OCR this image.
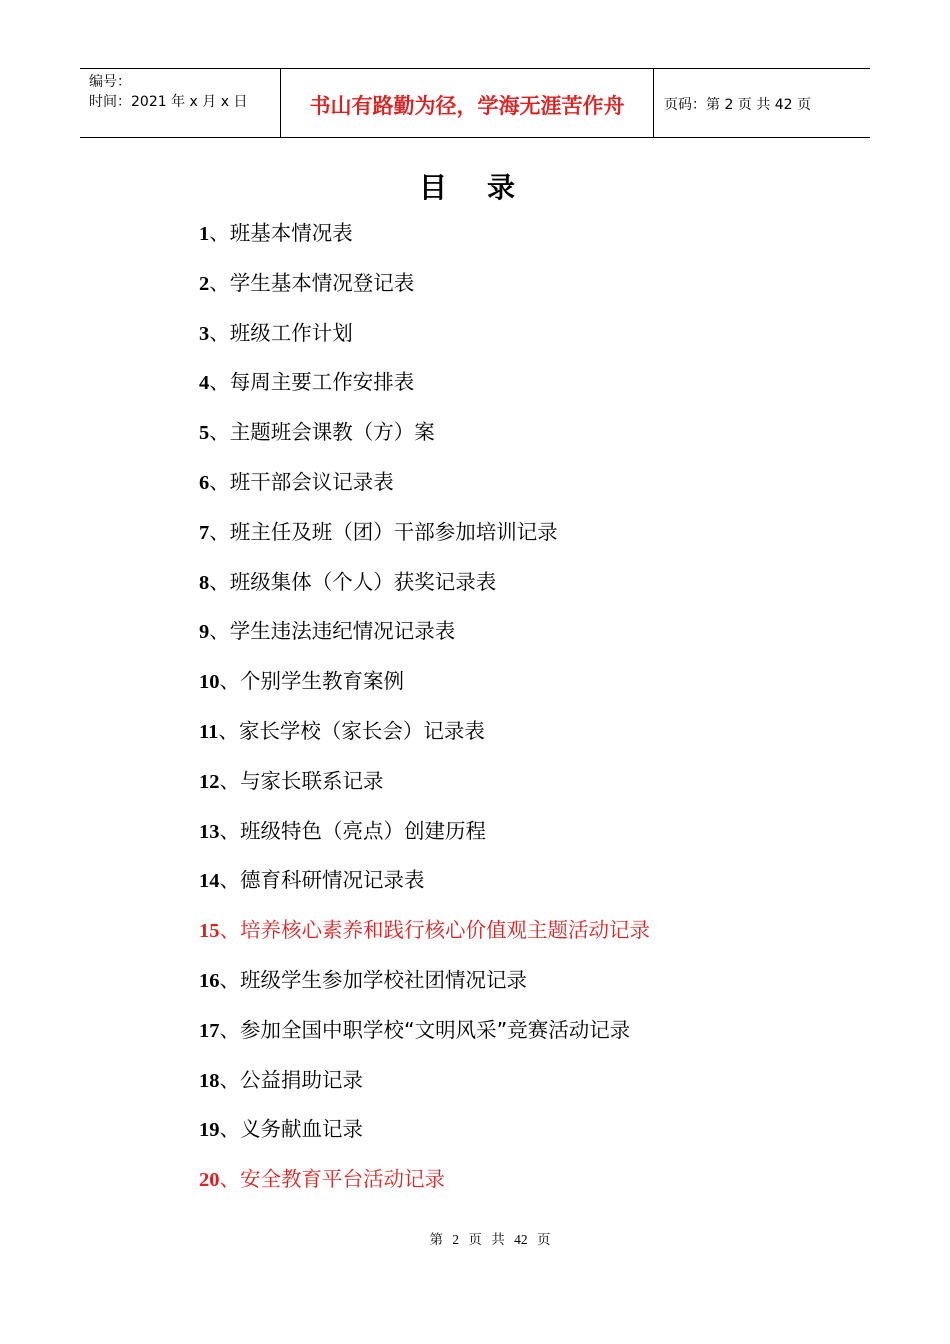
编号：
时间：2021 年 x 月 x 日	书山有路勤为径，学海无涯苦作舟	页码：第 2 页 共 42 页
目录
1、班基本情况表
2、学生基本情况登记表
3、班级工作计划
4、每周主要工作安排表
5、主题班会课教（方）案
6、班干部会议记录表
7、班主任及班（团）干部参加培训记录
8、班级集体（个人）获奖记录表
9、学生违法违纪情况记录表
10、个别学生教育案例
11、家长学校（家长会）记录表
12、与家长联系记录
13、班级特色（亮点）创建历程
14、德育科研情况记录表
15、培养核心素养和践行核心价值观主题活动记录
16、班级学生参加学校社团情况记录
17、参加全国中职学校“文明风采”竞赛活动记录
18、公益捐助记录
19、义务献血记录
20、安全教育平台活动记录
第 2 页 共 42 页
